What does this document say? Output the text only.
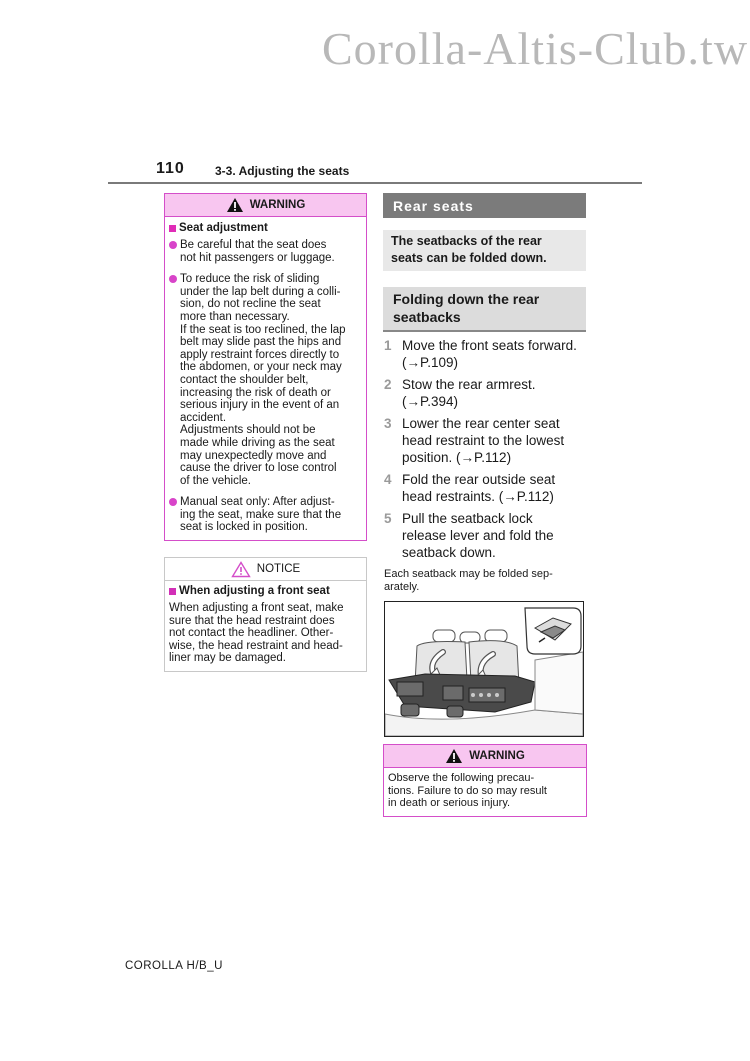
Corolla-Altis-Club.tw
110	3-3. Adjusting the seats
WARNING
Seat adjustment
Be careful that the seat does
not hit passengers or luggage.
To reduce the risk of sliding
under the lap belt during a colli-
sion, do not recline the seat
more than necessary.
If the seat is too reclined, the lap
belt may slide past the hips and
apply restraint forces directly to
the abdomen, or your neck may
contact the shoulder belt,
increasing the risk of death or
serious injury in the event of an
accident.
Adjustments should not be
made while driving as the seat
may unexpectedly move and
cause the driver to lose control
of the vehicle.
Manual seat only: After adjust-
ing the seat, make sure that the
seat is locked in position.
NOTICE
When adjusting a front seat
When adjusting a front seat, make
sure that the head restraint does
not contact the headliner. Other-
wise, the head restraint and head-
liner may be damaged.
Rear seats
The seatbacks of the rear
seats can be folded down.
Folding down the rear
seatbacks
1 Move the front seats forward.
(→P.109)
2 Stow the rear armrest.
(→P.394)
3 Lower the rear center seat
head restraint to the lowest
position. (→P.112)
4 Fold the rear outside seat
head restraints. (→P.112)
5 Pull the seatback lock
release lever and fold the
seatback down.
Each seatback may be folded sep-
arately.
WARNING
Observe the following precau-
tions. Failure to do so may result
in death or serious injury.
COROLLA H/B_U
